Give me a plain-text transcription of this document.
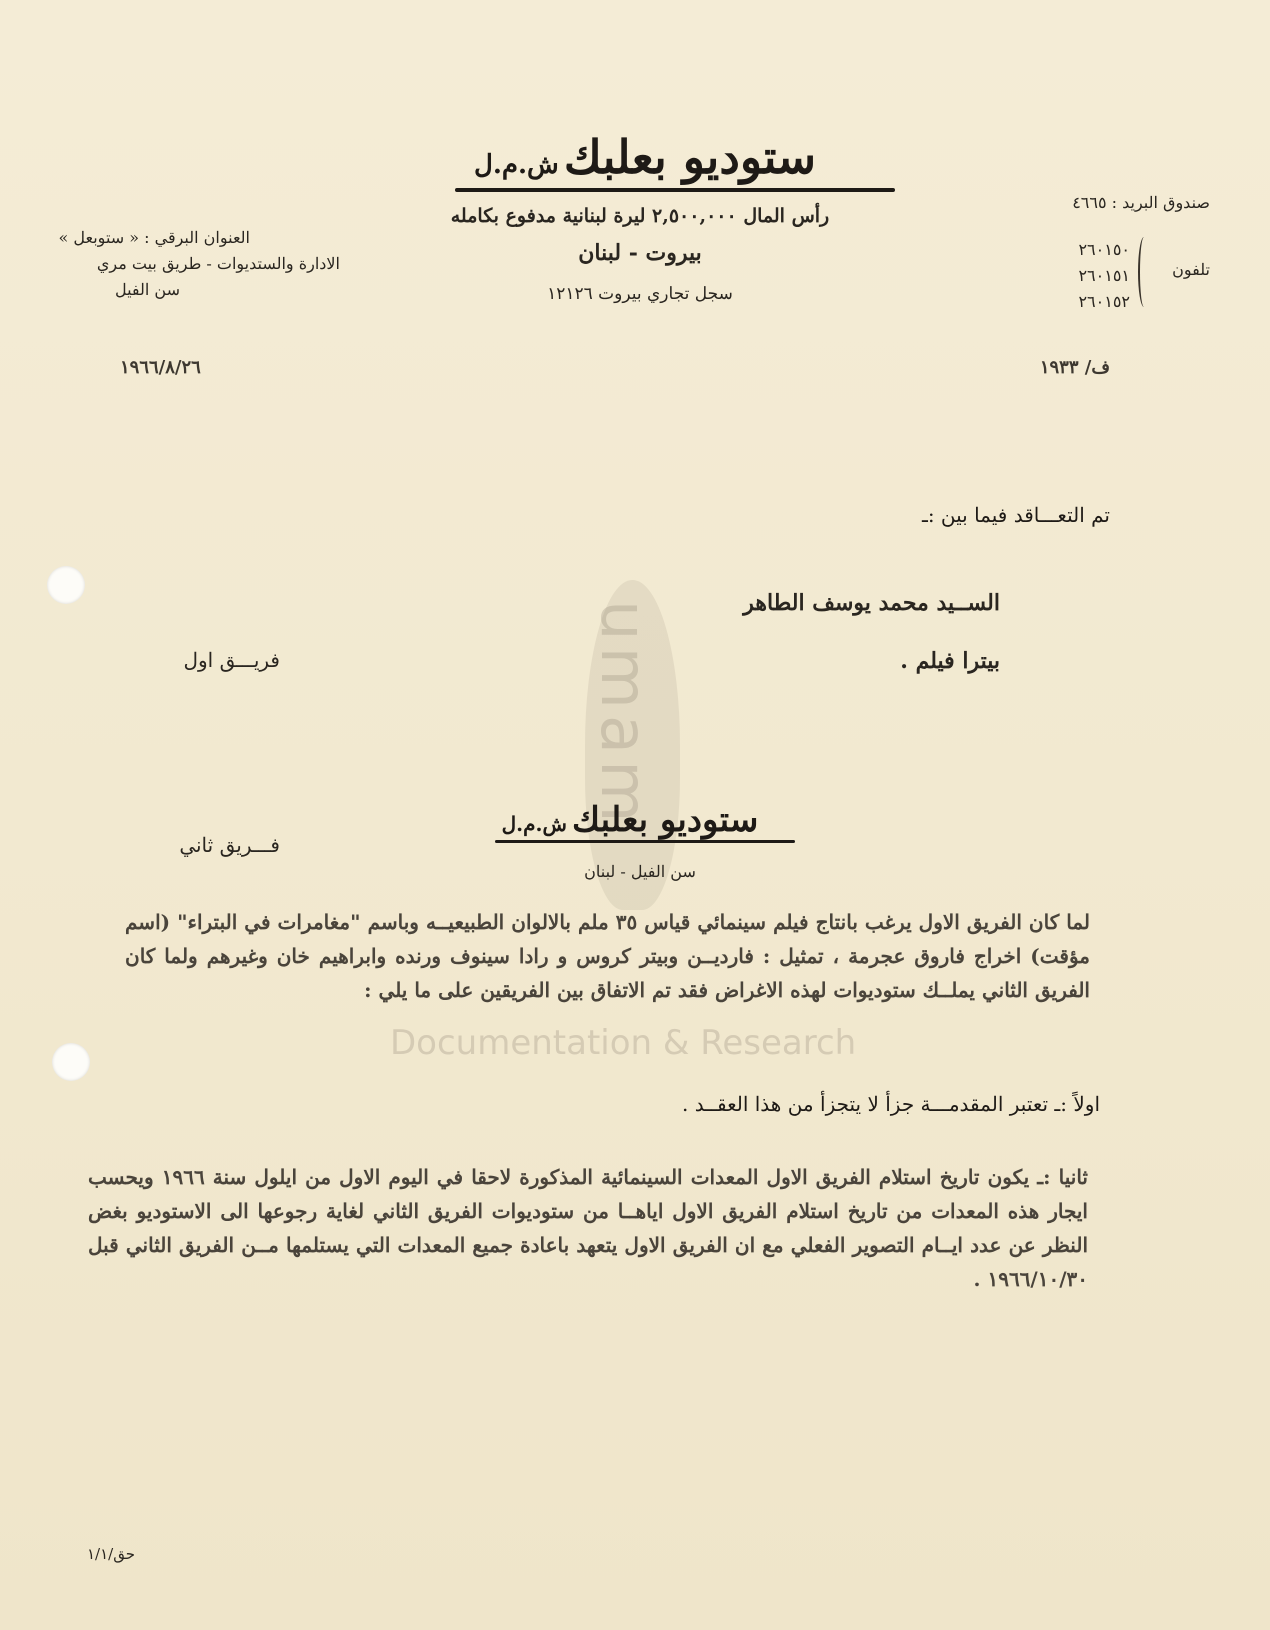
umam
Documentation & Research
ستوديو بعلبك ش.م.ل
رأس المال ٢,٥٠٠,٠٠٠ ليرة لبنانية مدفوع بكامله
بيروت - لبنان
سجل تجاري بيروت ١٢١٢٦
العنوان البرقي : « ستوبعل »
الادارة والستديوات - طريق بيت مري
سن الفيل
صندوق البريد : ٤٦٦٥
تلفون
٢٦٠١٥٠
٢٦٠١٥١
٢٦٠١٥٢
ف/ ١٩٣٣
١٩٦٦/٨/٢٦
تم التعـــاقد فيما بين :ـ
الســيد محمد يوسف الطاهر
بيترا فيلم .
فريـــق اول
ستوديو بعلبك ش.م.ل
سن الفيل - لبنان
فـــريق ثاني
لما كان الفريق الاول يرغب بانتاج فيلم سينمائي قياس ٣٥ ملم بالالوان الطبيعيــه وباسم "مغامرات في البتراء" (اسم مؤقت) اخراج فاروق عجرمة ، تمثيل : فارديــن وبيتر كروس و رادا سينوف ورنده وابراهيم خان وغيرهم ولما كان الفريق الثاني يملــك ستوديوات لهذه الاغراض فقد تم الاتفاق بين الفريقين على ما يلي :
اولاً :ـ تعتبر المقدمـــة جزأ لا يتجزأ من هذا العقــد .
ثانيا :ـ يكون تاريخ استلام الفريق الاول المعدات السينمائية المذكورة لاحقا في اليوم الاول من ايلول سنة ١٩٦٦ ويحسب ايجار هذه المعدات من تاريخ استلام الفريق الاول اياهــا من ستوديوات الفريق الثاني لغاية رجوعها الى الاستوديو بغض النظر عن عدد ايــام التصوير الفعلي مع ان الفريق الاول يتعهد باعادة جميع المعدات التي يستلمها مــن الفريق الثاني قبل ١٩٦٦/١٠/٣٠ .
حق/١/١
